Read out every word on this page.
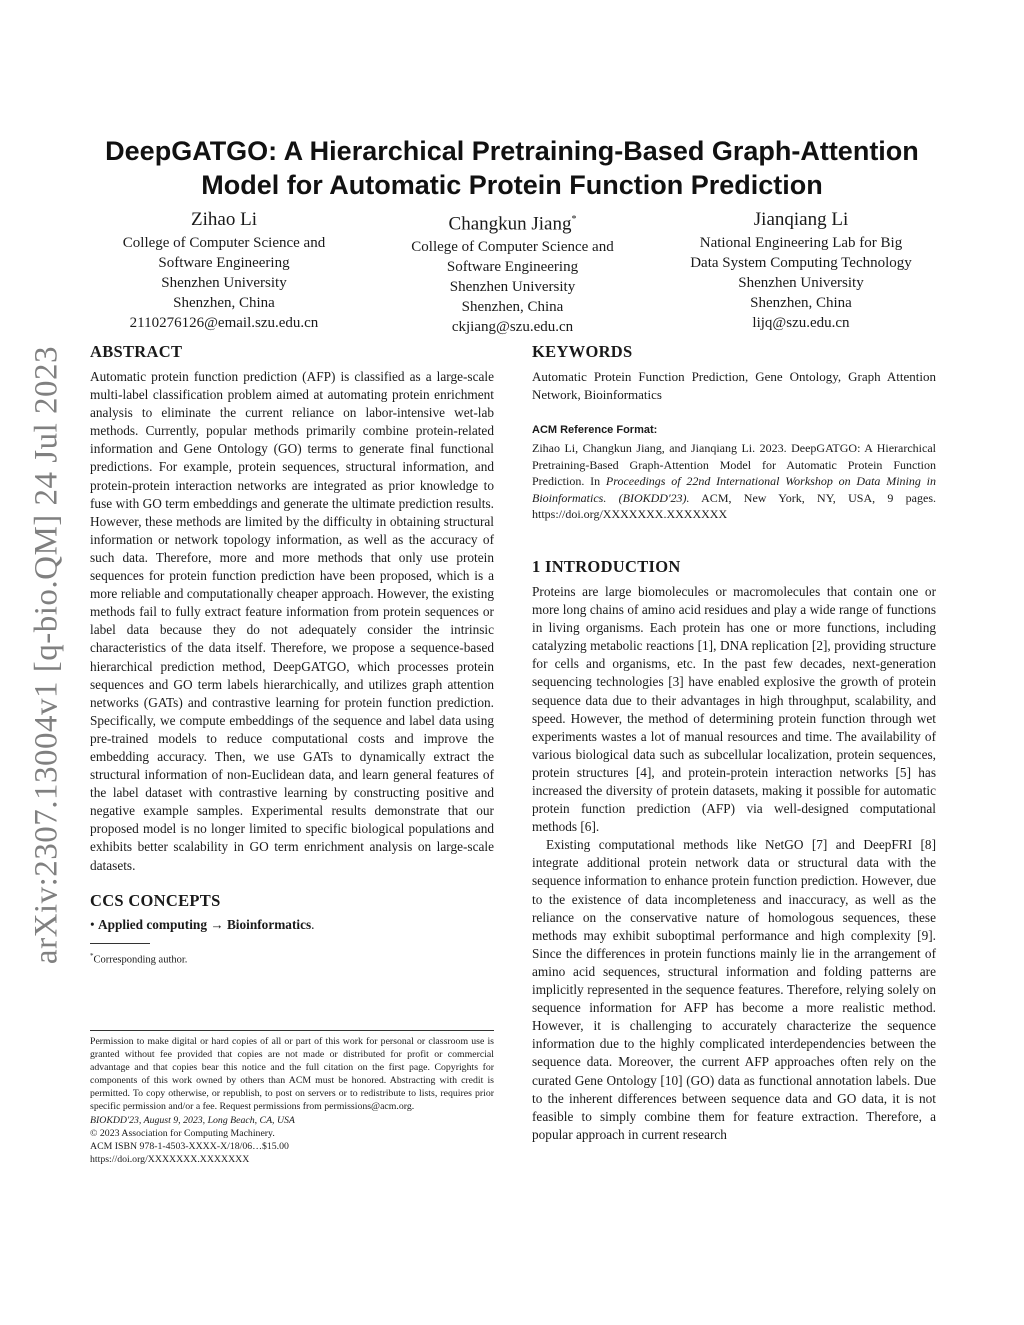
arXiv:2307.13004v1 [q-bio.QM] 24 Jul 2023
DeepGATGO: A Hierarchical Pretraining-Based Graph-Attention
Model for Automatic Protein Function Prediction
Zihao Li
College of Computer Science and
Software Engineering
Shenzhen University
Shenzhen, China
2110276126@email.szu.edu.cn
Changkun Jiang*
College of Computer Science and
Software Engineering
Shenzhen University
Shenzhen, China
ckjiang@szu.edu.cn
Jianqiang Li
National Engineering Lab for Big
Data System Computing Technology
Shenzhen University
Shenzhen, China
lijq@szu.edu.cn
ABSTRACT

Automatic protein function prediction (AFP) is classified as a large-scale multi-label classification problem aimed at automating protein enrichment analysis to eliminate the current reliance on labor-intensive wet-lab methods. Currently, popular methods primarily combine protein-related information and Gene Ontology (GO) terms to generate final functional predictions. For example, protein sequences, structural information, and protein-protein interaction networks are integrated as prior knowledge to fuse with GO term embeddings and generate the ultimate prediction results. However, these methods are limited by the difficulty in obtaining structural information or network topology information, as well as the accuracy of such data. Therefore, more and more methods that only use protein sequences for protein function prediction have been proposed, which is a more reliable and computationally cheaper approach. However, the existing methods fail to fully extract feature information from protein sequences or label data because they do not adequately consider the intrinsic characteristics of the data itself. Therefore, we propose a sequence-based hierarchical prediction method, DeepGATGO, which processes protein sequences and GO term labels hierarchically, and utilizes graph attention networks (GATs) and contrastive learning for protein function prediction. Specifically, we compute embeddings of the sequence and label data using pre-trained models to reduce computational costs and improve the embedding accuracy. Then, we use GATs to dynamically extract the structural information of non-Euclidean data, and learn general features of the label dataset with contrastive learning by constructing positive and negative example samples. Experimental results demonstrate that our proposed model is no longer limited to specific biological populations and exhibits better scalability in GO term enrichment analysis on large-scale datasets.

CCS CONCEPTS

• Applied computing → Bioinformatics.

*Corresponding author.

Permission to make digital or hard copies of all or part of this work for personal or classroom use is granted without fee provided that copies are not made or distributed for profit or commercial advantage and that copies bear this notice and the full citation on the first page. Copyrights for components of this work owned by others than ACM must be honored. Abstracting with credit is permitted. To copy otherwise, or republish, to post on servers or to redistribute to lists, requires prior specific permission and/or a fee. Request permissions from permissions@acm.org.

BIOKDD'23, August 9, 2023, Long Beach, CA, USA

© 2023 Association for Computing Machinery.

ACM ISBN 978-1-4503-XXXX-X/18/06…$15.00

https://doi.org/XXXXXXX.XXXXXXX

KEYWORDS

Automatic Protein Function Prediction, Gene Ontology, Graph Attention Network, Bioinformatics

ACM Reference Format:

Zihao Li, Changkun Jiang, and Jianqiang Li. 2023. DeepGATGO: A Hierarchical Pretraining-Based Graph-Attention Model for Automatic Protein Function Prediction. In Proceedings of 22nd International Workshop on Data Mining in Bioinformatics. (BIOKDD'23). ACM, New York, NY, USA, 9 pages. https://doi.org/XXXXXXX.XXXXXXX

1 INTRODUCTION

Proteins are large biomolecules or macromolecules that contain one or more long chains of amino acid residues and play a wide range of functions in living organisms. Each protein has one or more functions, including catalyzing metabolic reactions [1], DNA replication [2], providing structure for cells and organisms, etc. In the past few decades, next-generation sequencing technologies [3] have enabled explosive the growth of protein sequence data due to their advantages in high throughput, scalability, and speed. However, the method of determining protein function through wet experiments wastes a lot of manual resources and time. The availability of various biological data such as subcellular localization, protein sequences, protein structures [4], and protein-protein interaction networks [5] has increased the diversity of protein datasets, making it possible for automatic protein function prediction (AFP) via well-designed computational methods [6].

Existing computational methods like NetGO [7] and DeepFRI [8] integrate additional protein network data or structural data with the sequence information to enhance protein function prediction. However, due to the existence of data incompleteness and inaccuracy, as well as the reliance on the conservative nature of homologous sequences, these methods may exhibit suboptimal performance and high complexity [9]. Since the differences in protein functions mainly lie in the arrangement of amino acid sequences, structural information and folding patterns are implicitly represented in the sequence features. Therefore, relying solely on sequence information for AFP has become a more realistic method. However, it is challenging to accurately characterize the sequence information due to the highly complicated interdependencies between the sequence data. Moreover, the current AFP approaches often rely on the curated Gene Ontology [10] (GO) data as functional annotation labels. Due to the inherent differences between sequence data and GO data, it is not feasible to simply combine them for feature extraction. Therefore, a popular approach in current research
